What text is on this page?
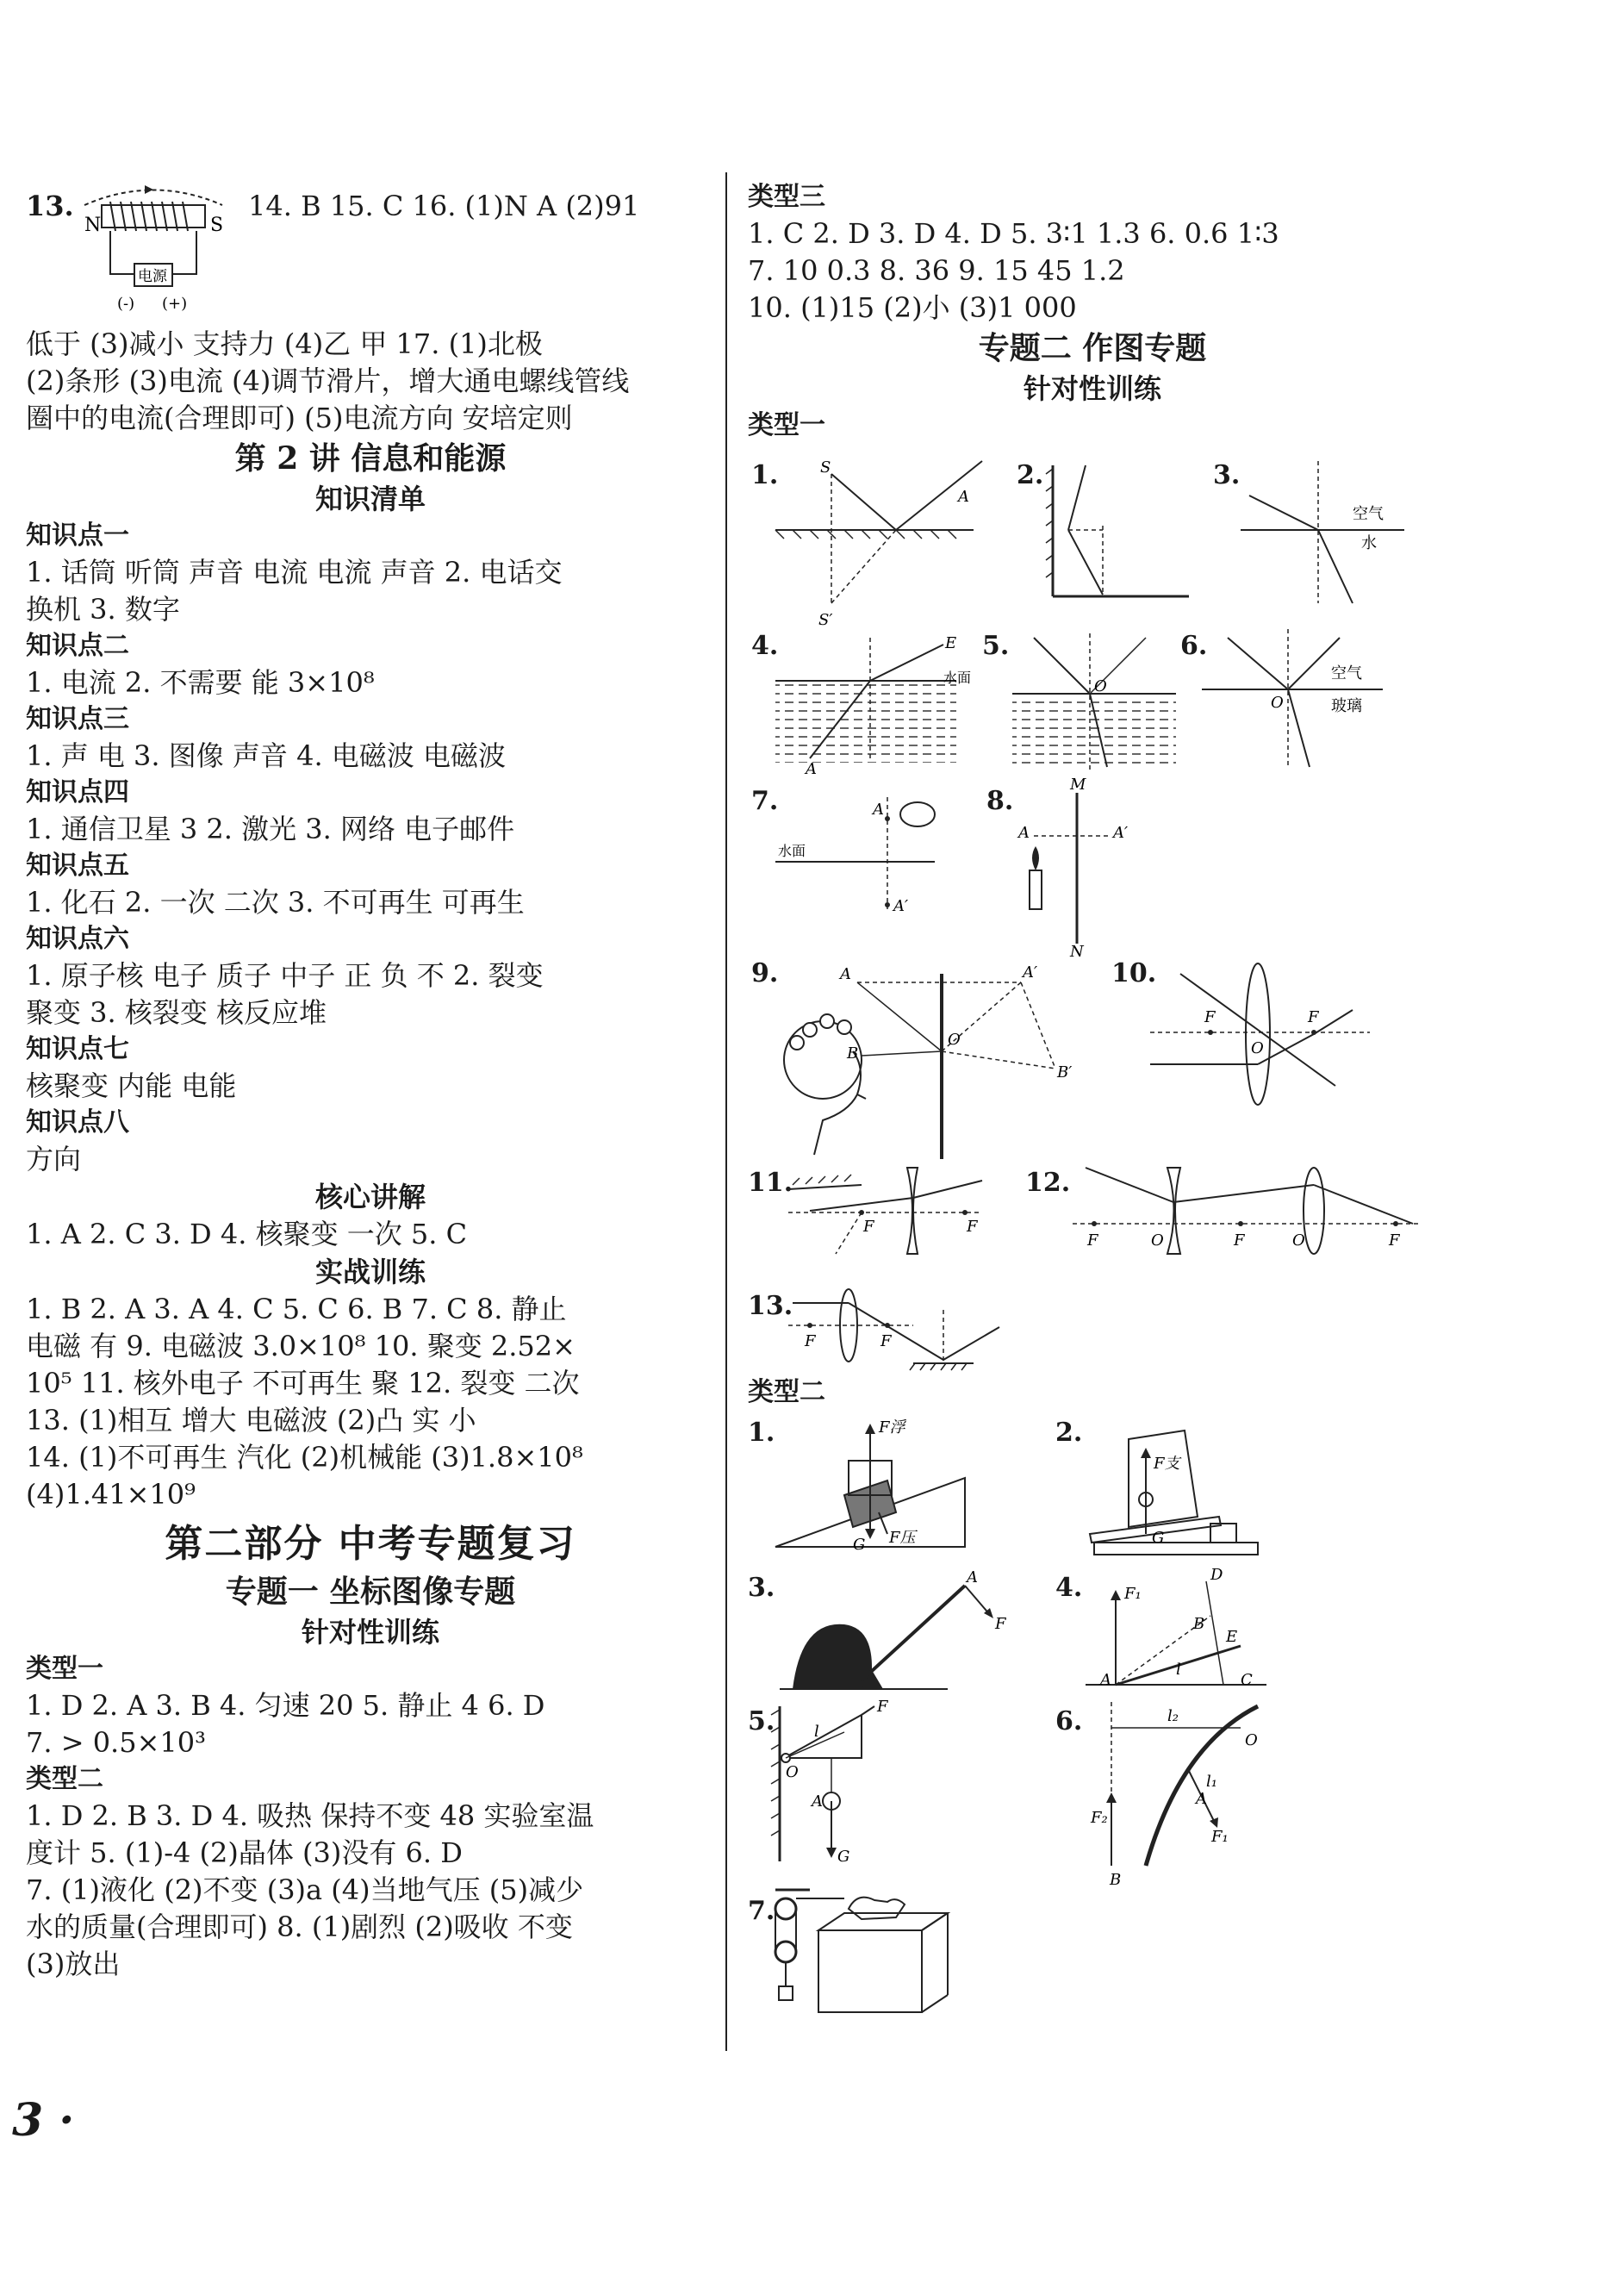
13.
N	S
电源
(-) (+)
14. B 15. C 16. (1)N A (2)91
低于 (3)减小 支持力 (4)乙 甲 17. (1)北极
(2)条形 (3)电流 (4)调节滑片，增大通电螺线管线
圈中的电流(合理即可) (5)电流方向 安培定则
第 2 讲 信息和能源
知识清单
知识点一
1. 话筒 听筒 声音 电流 电流 声音 2. 电话交
换机 3. 数字
知识点二
1. 电流 2. 不需要 能 3×10⁸
知识点三
1. 声 电 3. 图像 声音 4. 电磁波 电磁波
知识点四
1. 通信卫星 3 2. 激光 3. 网络 电子邮件
知识点五
1. 化石 2. 一次 二次 3. 不可再生 可再生
知识点六
1. 原子核 电子 质子 中子 正 负 不 2. 裂变
聚变 3. 核裂变 核反应堆
知识点七
核聚变 内能 电能
知识点八
方向
核心讲解
1. A 2. C 3. D 4. 核聚变 一次 5. C
实战训练
1. B 2. A 3. A 4. C 5. C 6. B 7. C 8. 静止
电磁 有 9. 电磁波 3.0×10⁸ 10. 聚变 2.52×
10⁵ 11. 核外电子 不可再生 聚 12. 裂变 二次
13. (1)相互 增大 电磁波 (2)凸 实 小
14. (1)不可再生 汽化 (2)机械能 (3)1.8×10⁸
(4)1.41×10⁹
第二部分 中考专题复习
专题一 坐标图像专题
针对性训练
类型一
1. D 2. A 3. B 4. 匀速 20 5. 静止 4 6. D
7. > 0.5×10³
类型二
1. D 2. B 3. D 4. 吸热 保持不变 48 实验室温
度计 5. (1)-4 (2)晶体 (3)没有 6. D
7. (1)液化 (2)不变 (3)a (4)当地气压 (5)减少
水的质量(合理即可) 8. (1)剧烈 (2)吸收 不变
(3)放出
类型三
1. C 2. D 3. D 4. D 5. 3∶1 1.3 6. 0.6 1∶3
7. 10 0.3 8. 36 9. 15 45 1.2
10. (1)15 (2)小 (3)1 000
专题二 作图专题
针对性训练
类型一
1.	S
S′
A
2.	3.
空气
水
4.
A
E
水面
5.
O
6.
O
空气
玻璃
7.	A
A′
水面
8.
M
N
A	A′
9.	A
B
O
A′
B′
10.
F	F
O
11.
F	F
12.
F	O	F	O	F
13.
F	F
类型二
1.	F浮
G F压
2.
F支
G
3.	A
F
4.	F₁
A
B
C
D
E
l
5.	F
l
O
A
G
6.	l₂
O
l₁
A
F₂
F₁
B
7.
3 ·
